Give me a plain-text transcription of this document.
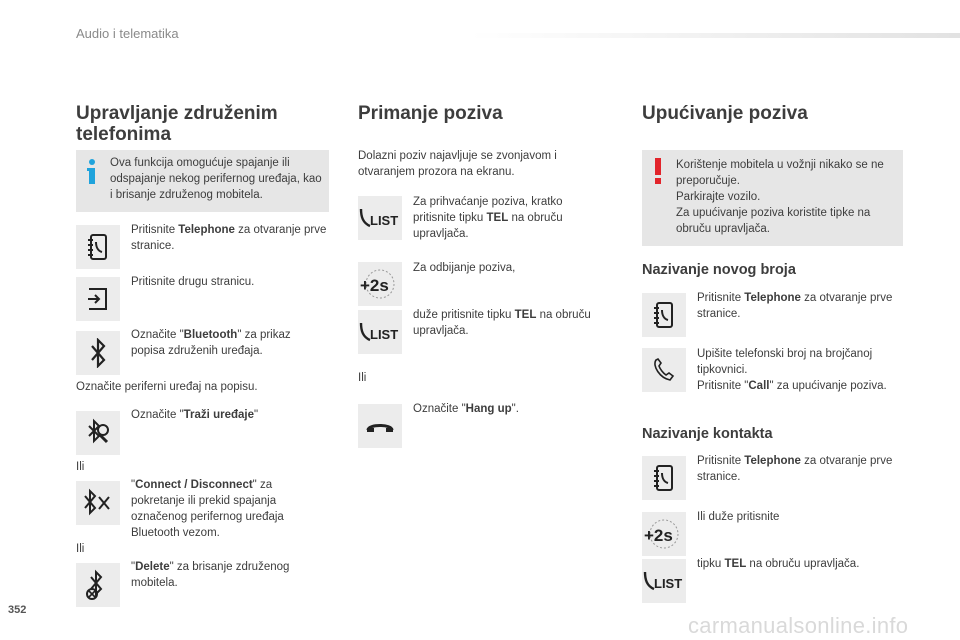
Audio i telematika
Upravljanje združenim
telefonima
Ova funkcija omogućuje spajanje ili odspajanje nekog perifernog uređaja, kao i brisanje združenog mobitela.
Pritisnite Telephone za otvaranje prve stranice.
Pritisnite drugu stranicu.
Označite "Bluetooth" za prikaz popisa združenih uređaja.
Označite periferni uređaj na popisu.
Označite "Traži uređaje"
Ili
"Connect / Disconnect" za pokretanje ili prekid spajanja označenog perifernog uređaja Bluetooth vezom.
Ili
"Delete" za brisanje združenog mobitela.
Primanje poziva
Dolazni poziv najavljuje se zvonjavom i otvaranjem prozora na ekranu.
LIST
Za prihvaćanje poziva, kratko pritisnite tipku TEL na obruču upravljača.
Za odbijanje poziva,
+2s
LIST
duže pritisnite tipku TEL na obruču upravljača.
Ili
Označite "Hang up".
Upućivanje poziva
Korištenje mobitela u vožnji nikako se ne preporučuje.
Parkirajte vozilo.
Za upućivanje poziva koristite tipke na obruču upravljača.
Nazivanje novog broja
Pritisnite Telephone za otvaranje prve stranice.
Upišite telefonski broj na brojčanoj tipkovnici.
Pritisnite "Call" za upućivanje poziva.
Nazivanje kontakta
Pritisnite Telephone za otvaranje prve stranice.
+2s
Ili duže pritisnite
LIST
tipku TEL na obruču upravljača.
352
carmanualsonline.info
